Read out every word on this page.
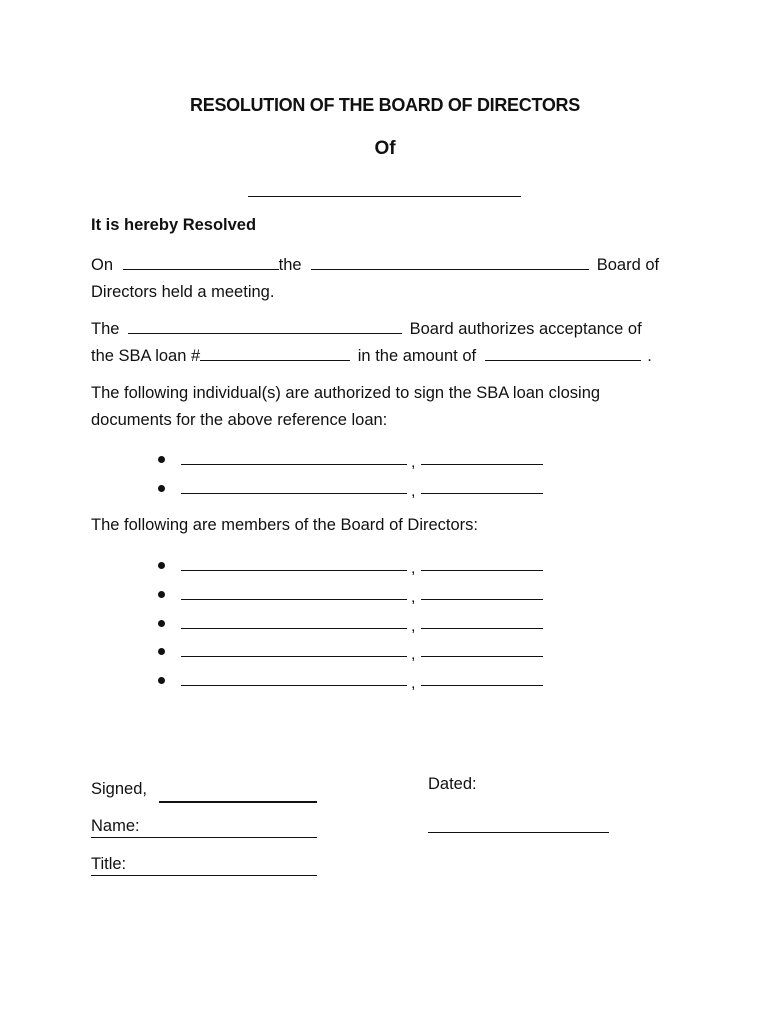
RESOLUTION OF THE BOARD OF DIRECTORS
Of
It is hereby Resolved
On	the	Board of
Directors held a meeting.
The	Board authorizes acceptance of
the SBA loan #	in the amount of	.
The following individual(s) are authorized to sign the SBA loan closing
documents for the above reference loan:
,
,
The following are members of the Board of Directors:
,
,
,
,
,
Signed,
Name:
Title:
Dated:
